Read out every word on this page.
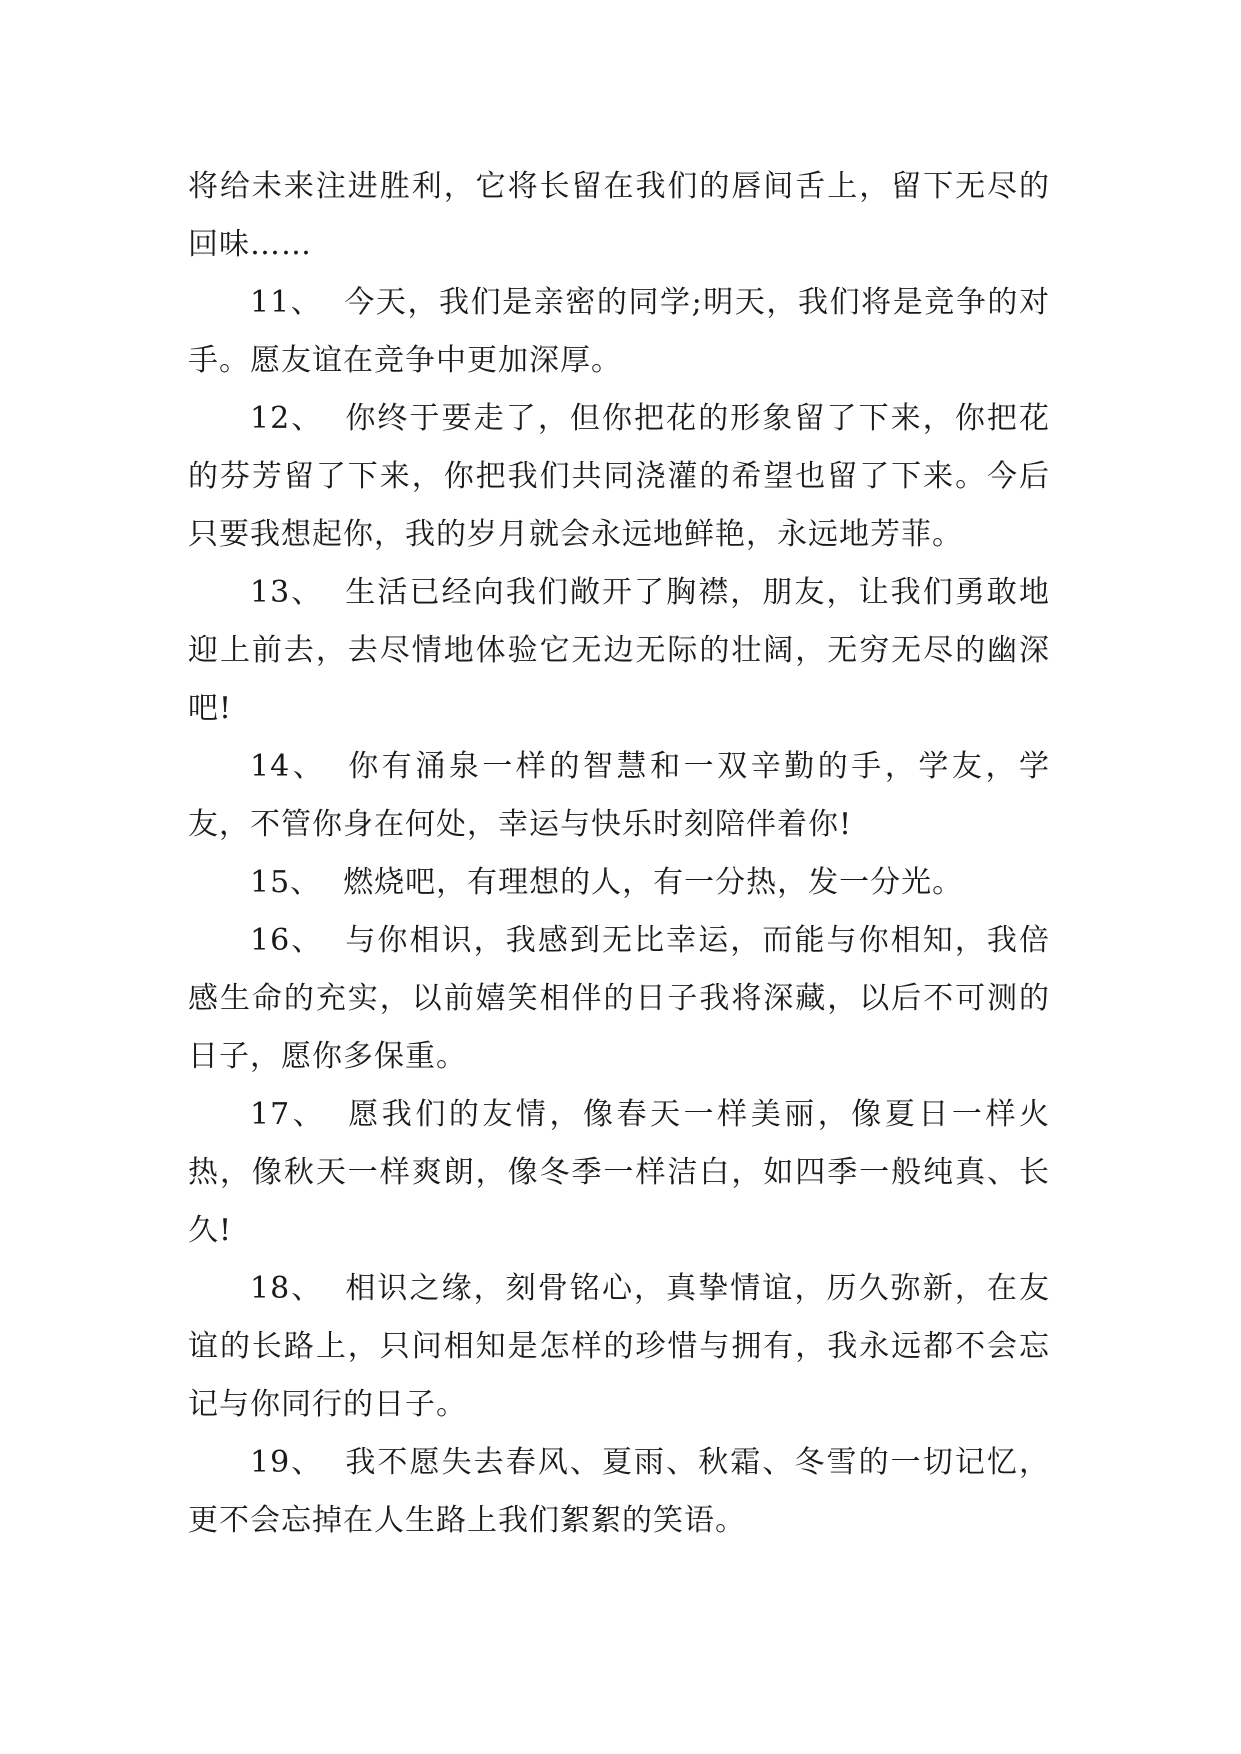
将给未来注进胜利，它将长留在我们的唇间舌上，留下无尽的回味……

11、 今天，我们是亲密的同学;明天，我们将是竞争的对手。愿友谊在竞争中更加深厚。

12、 你终于要走了，但你把花的形象留了下来，你把花的芬芳留了下来，你把我们共同浇灌的希望也留了下来。今后只要我想起你，我的岁月就会永远地鲜艳，永远地芳菲。

13、 生活已经向我们敞开了胸襟，朋友，让我们勇敢地迎上前去，去尽情地体验它无边无际的壮阔，无穷无尽的幽深吧!

14、 你有涌泉一样的智慧和一双辛勤的手，学友，学友，不管你身在何处，幸运与快乐时刻陪伴着你!

15、 燃烧吧，有理想的人，有一分热，发一分光。

16、 与你相识，我感到无比幸运，而能与你相知，我倍感生命的充实，以前嬉笑相伴的日子我将深藏，以后不可测的日子，愿你多保重。

17、 愿我们的友情，像春天一样美丽，像夏日一样火热，像秋天一样爽朗，像冬季一样洁白，如四季一般纯真、长久!

18、 相识之缘，刻骨铭心，真挚情谊，历久弥新，在友谊的长路上，只问相知是怎样的珍惜与拥有，我永远都不会忘记与你同行的日子。

19、 我不愿失去春风、夏雨、秋霜、冬雪的一切记忆，更不会忘掉在人生路上我们絮絮的笑语。
